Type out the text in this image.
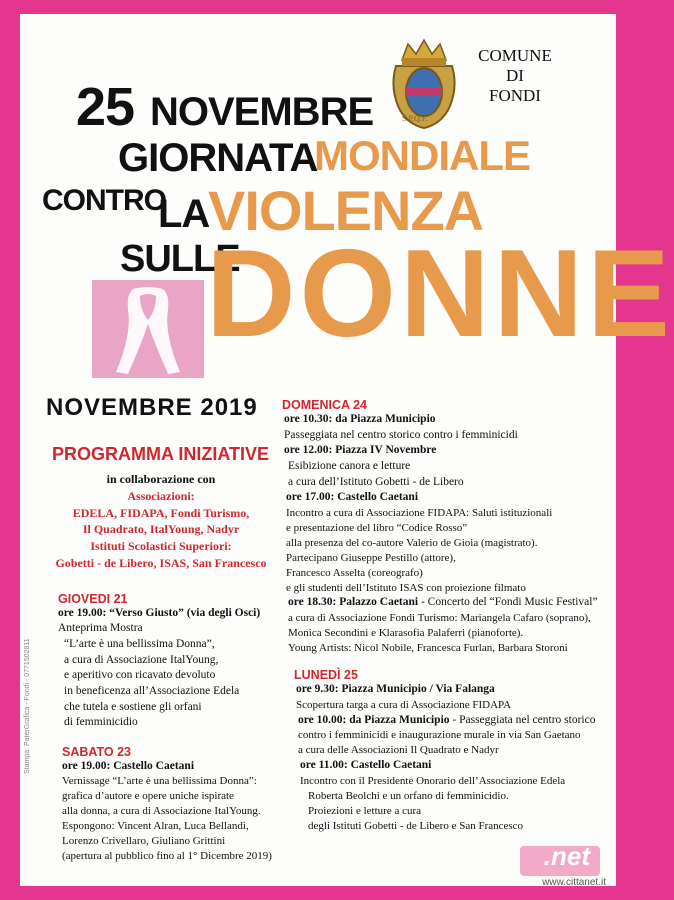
S.P.Q.F.
COMUNE
DI
FONDI
25 NOVEMBRE
GIORNATA
MONDIALE
CONTRO
LA
VIOLENZA
SULLE
DONNE
NOVEMBRE 2019
PROGRAMMA INIZIATIVE
in collaborazione con
Associazioni:
EDELA, FIDAPA, Fondi Turismo,
Il Quadrato, ItalYoung, Nadyr
Istituti Scolastici Superiori:
Gobetti - de Libero, ISAS, San Francesco
GIOVEDI 21
ore 19.00: “Verso Giusto” (via degli Osci)
Anteprima Mostra
“L’arte è una bellissima Donna”,
a cura di Associazione ItalYoung,
e aperitivo con ricavato devoluto
in beneficenza all’Associazione Edela
che tutela e sostiene gli orfani
di femminicidio
SABATO 23
ore 19.00: Castello Caetani
Vernissage “L’arte è una bellissima Donna”:
grafica d’autore e opere uniche ispirate
alla donna, a cura di Associazione ItalYoung.
Espongono: Vincent Alran, Luca Bellandi,
Lorenzo Crivellaro, Giuliano Grittini
(apertura al pubblico fino al 1° Dicembre 2019)
DOMENICA 24
ore 10.30: da Piazza Municipio
Passeggiata nel centro storico contro i femminicidi
ore 12.00: Piazza IV Novembre
Esibizione canora e letture
a cura dell’Istituto Gobetti - de Libero
ore 17.00: Castello Caetani
Incontro a cura di Associazione FIDAPA: Saluti istituzionali
e presentazione del libro “Codice Rosso”
alla presenza del co-autore Valerio de Gioia (magistrato).
Partecipano Giuseppe Pestillo (attore),
Francesco Asselta (coreografo)
e gli studenti dell’Istituto ISAS con proiezione filmato
ore 18.30: Palazzo Caetani - Concerto del “Fondi Music Festival”
a cura di Associazione Fondi Turismo: Mariangela Cafaro (soprano),
Monica Secondini e Klarasofia Palaferri (pianoforte).
Young Artists: Nicol Nobile, Francesca Furlan, Barbara Storoni
LUNEDÌ 25
ore 9.30: Piazza Municipio / Via Falanga
Scopertura targa a cura di Associazione FIDAPA
ore 10.00: da Piazza Municipio - Passeggiata nel centro storico
contro i femminicidi e inaugurazione murale in via San Gaetano
a cura delle Associazioni Il Quadrato e Nadyr
ore 11.00: Castello Caetani
Incontro con il Presidente Onorario dell’Associazione Edela
Roberta Beolchi e un orfano di femminicidio.
Proiezioni e letture a cura
degli Istituti Gobetti - de Libero e San Francesco
Stampa: PaterGrafica - Fondi - 0771502811
.net
www.cittanet.it
